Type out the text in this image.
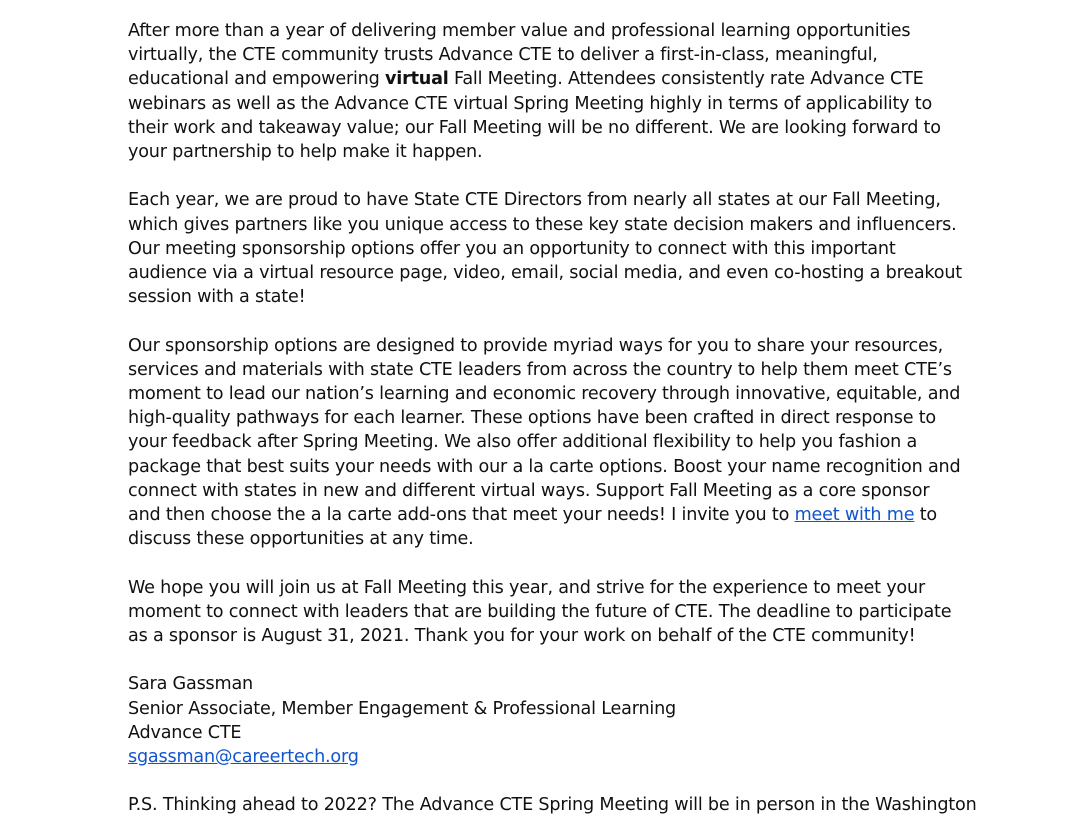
After more than a year of delivering member value and professional learning opportunities virtually, the CTE community trusts Advance CTE to deliver a first-in-class, meaningful, educational and empowering virtual Fall Meeting. Attendees consistently rate Advance CTE webinars as well as the Advance CTE virtual Spring Meeting highly in terms of applicability to their work and takeaway value; our Fall Meeting will be no different. We are looking forward to your partnership to help make it happen.

Each year, we are proud to have State CTE Directors from nearly all states at our Fall Meeting, which gives partners like you unique access to these key state decision makers and influencers. Our meeting sponsorship options offer you an opportunity to connect with this important audience via a virtual resource page, video, email, social media, and even co-hosting a breakout session with a state!

Our sponsorship options are designed to provide myriad ways for you to share your resources, services and materials with state CTE leaders from across the country to help them meet CTE’s moment to lead our nation’s learning and economic recovery through innovative, equitable, and high-quality pathways for each learner. These options have been crafted in direct response to your feedback after Spring Meeting. We also offer additional flexibility to help you fashion a package that best suits your needs with our a la carte options. Boost your name recognition and connect with states in new and different virtual ways. Support Fall Meeting as a core sponsor and then choose the a la carte add-ons that meet your needs! I invite you to meet with me to discuss these opportunities at any time.

We hope you will join us at Fall Meeting this year, and strive for the experience to meet your moment to connect with leaders that are building the future of CTE. The deadline to participate as a sponsor is August 31, 2021. Thank you for your work on behalf of the CTE community!

Sara Gassman
Senior Associate, Member Engagement & Professional Learning
Advance CTE
sgassman@careertech.org

P.S. Thinking ahead to 2022? The Advance CTE Spring Meeting will be in person in the Washington
